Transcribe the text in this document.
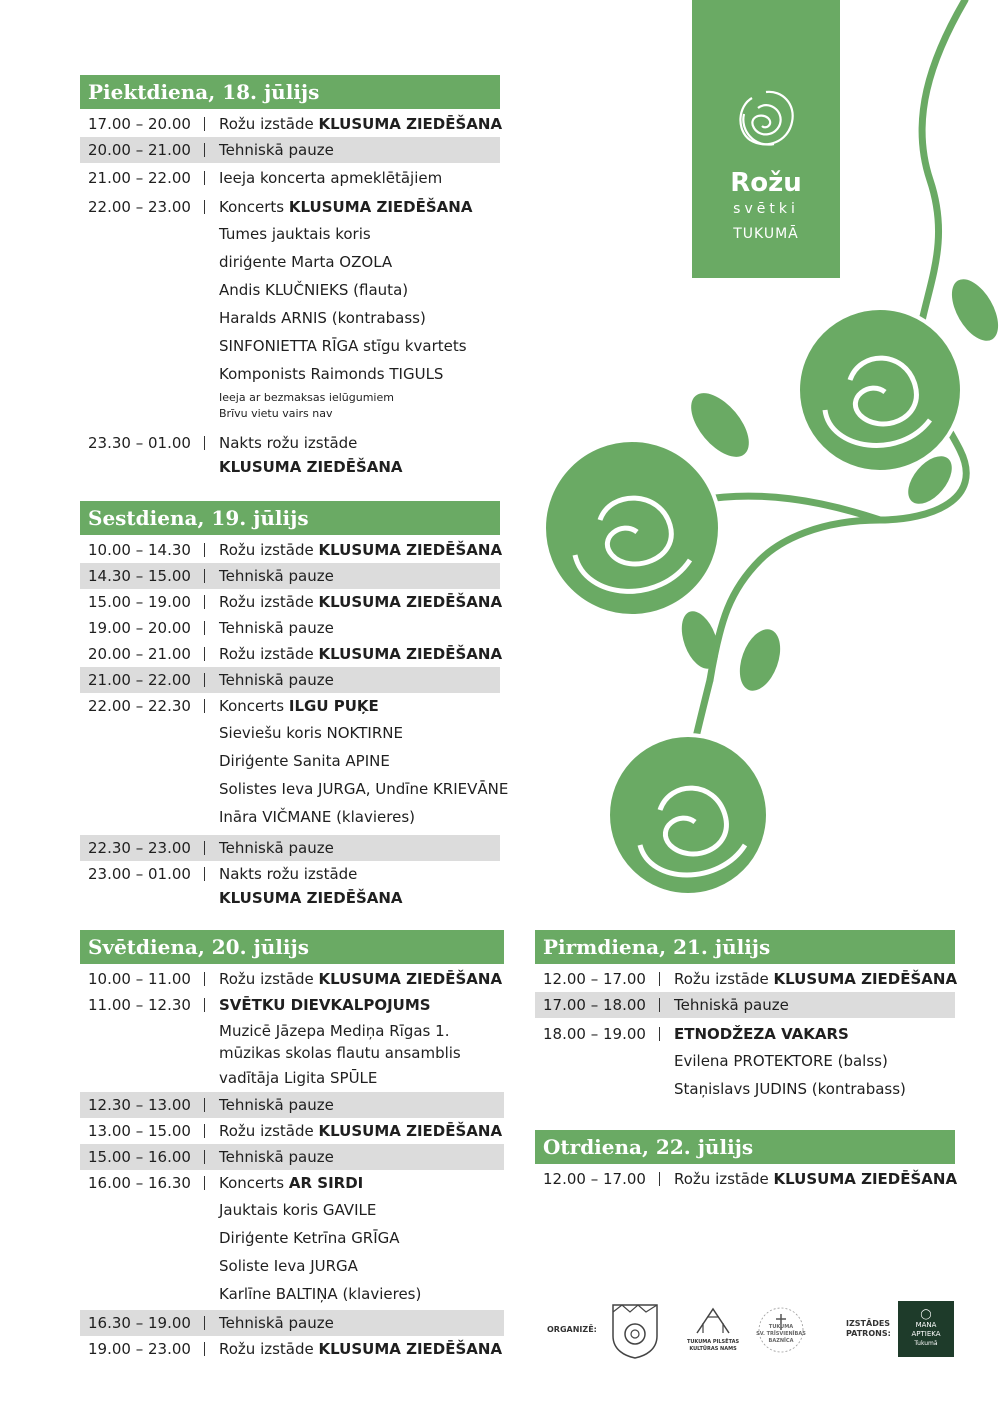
Rožu
svētki
TUKUMĀ
Piektdiena, 18. jūlijs
17.00 – 20.00	Rožu izstāde KLUSUMA ZIEDĒŠANA
20.00 – 21.00	Tehniskā pauze
21.00 – 22.00	Ieeja koncerta apmeklētājiem
22.00 – 23.00	Koncerts KLUSUMA ZIEDĒŠANA
Tumes jauktais koris
diriģente Marta OZOLA
Andis KLUČNIEKS (flauta)
Haralds ARNIS (kontrabass)
SINFONIETTA RĪGA stīgu kvartets
Komponists Raimonds TIGULS
Ieeja ar bezmaksas ielūgumiem
Brīvu vietu vairs nav
23.30 – 01.00	Nakts rožu izstāde
KLUSUMA ZIEDĒŠANA
Sestdiena, 19. jūlijs
10.00 – 14.30	Rožu izstāde KLUSUMA ZIEDĒŠANA
14.30 – 15.00	Tehniskā pauze
15.00 – 19.00	Rožu izstāde KLUSUMA ZIEDĒŠANA
19.00 – 20.00	Tehniskā pauze
20.00 – 21.00	Rožu izstāde KLUSUMA ZIEDĒŠANA
21.00 – 22.00	Tehniskā pauze
22.00 – 22.30	Koncerts ILGU PUĶE
Sieviešu koris NOKTIRNE
Diriģente Sanita APINE
Solistes Ieva JURGA, Undīne KRIEVĀNE
Ināra VIČMANE (klavieres)
22.30 – 23.00	Tehniskā pauze
23.00 – 01.00	Nakts rožu izstāde
KLUSUMA ZIEDĒŠANA
Svētdiena, 20. jūlijs
10.00 – 11.00	Rožu izstāde KLUSUMA ZIEDĒŠANA
11.00 – 12.30	SVĒTKU DIEVKALPOJUMS
Muzicē Jāzepa Mediņa Rīgas 1.
mūzikas skolas flautu ansamblis
vadītāja Ligita SPŪLE
12.30 – 13.00	Tehniskā pauze
13.00 – 15.00	Rožu izstāde KLUSUMA ZIEDĒŠANA
15.00 – 16.00	Tehniskā pauze
16.00 – 16.30	Koncerts AR SIRDI
Jauktais koris GAVILE
Diriģente Ketrīna GRĪGA
Soliste Ieva JURGA
Karlīne BALTIŅA (klavieres)
16.30 – 19.00	Tehniskā pauze
19.00 – 23.00	Rožu izstāde KLUSUMA ZIEDĒŠANA
Pirmdiena, 21. jūlijs
12.00 – 17.00	Rožu izstāde KLUSUMA ZIEDĒŠANA
17.00 – 18.00	Tehniskā pauze
18.00 – 19.00	ETNODŽEZA VAKARS
Evilena PROTEKTORE (balss)
Staņislavs JUDINS (kontrabass)
Otrdiena, 22. jūlijs
12.00 – 17.00	Rožu izstāde KLUSUMA ZIEDĒŠANA
ORGANIZĒ:
TUKUMA PILSĒTAS
KULTŪRAS NAMS
TUKUMA
SV. TRĪSVIENĪBAS
BAZNĪCA
IZSTĀDES
PATRONS:
◯
MANA
APTIEKA
Tukumā
